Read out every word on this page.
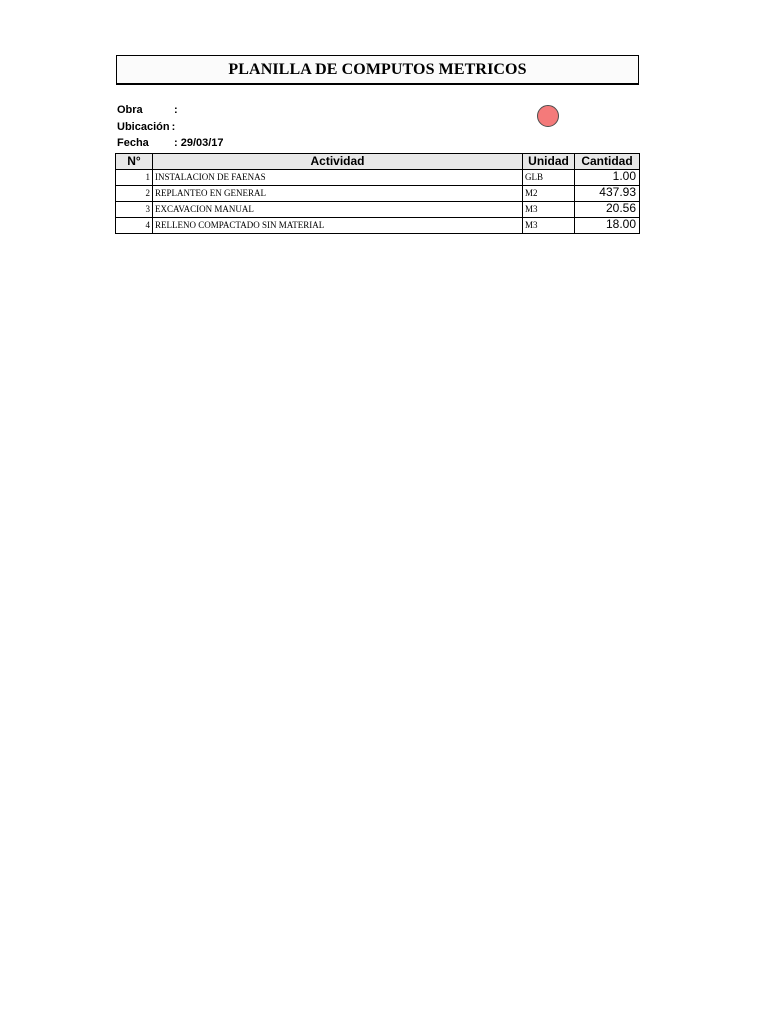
PLANILLA DE COMPUTOS METRICOS
Obra	:
Ubicación :
Fecha : 29/03/17
N°	Actividad	Unidad	Cantidad
1	INSTALACION DE FAENAS	GLB	1.00
2	REPLANTEO EN GENERAL	M2	437.93
3	EXCAVACION MANUAL	M3	20.56
4	RELLENO COMPACTADO SIN MATERIAL	M3	18.00
